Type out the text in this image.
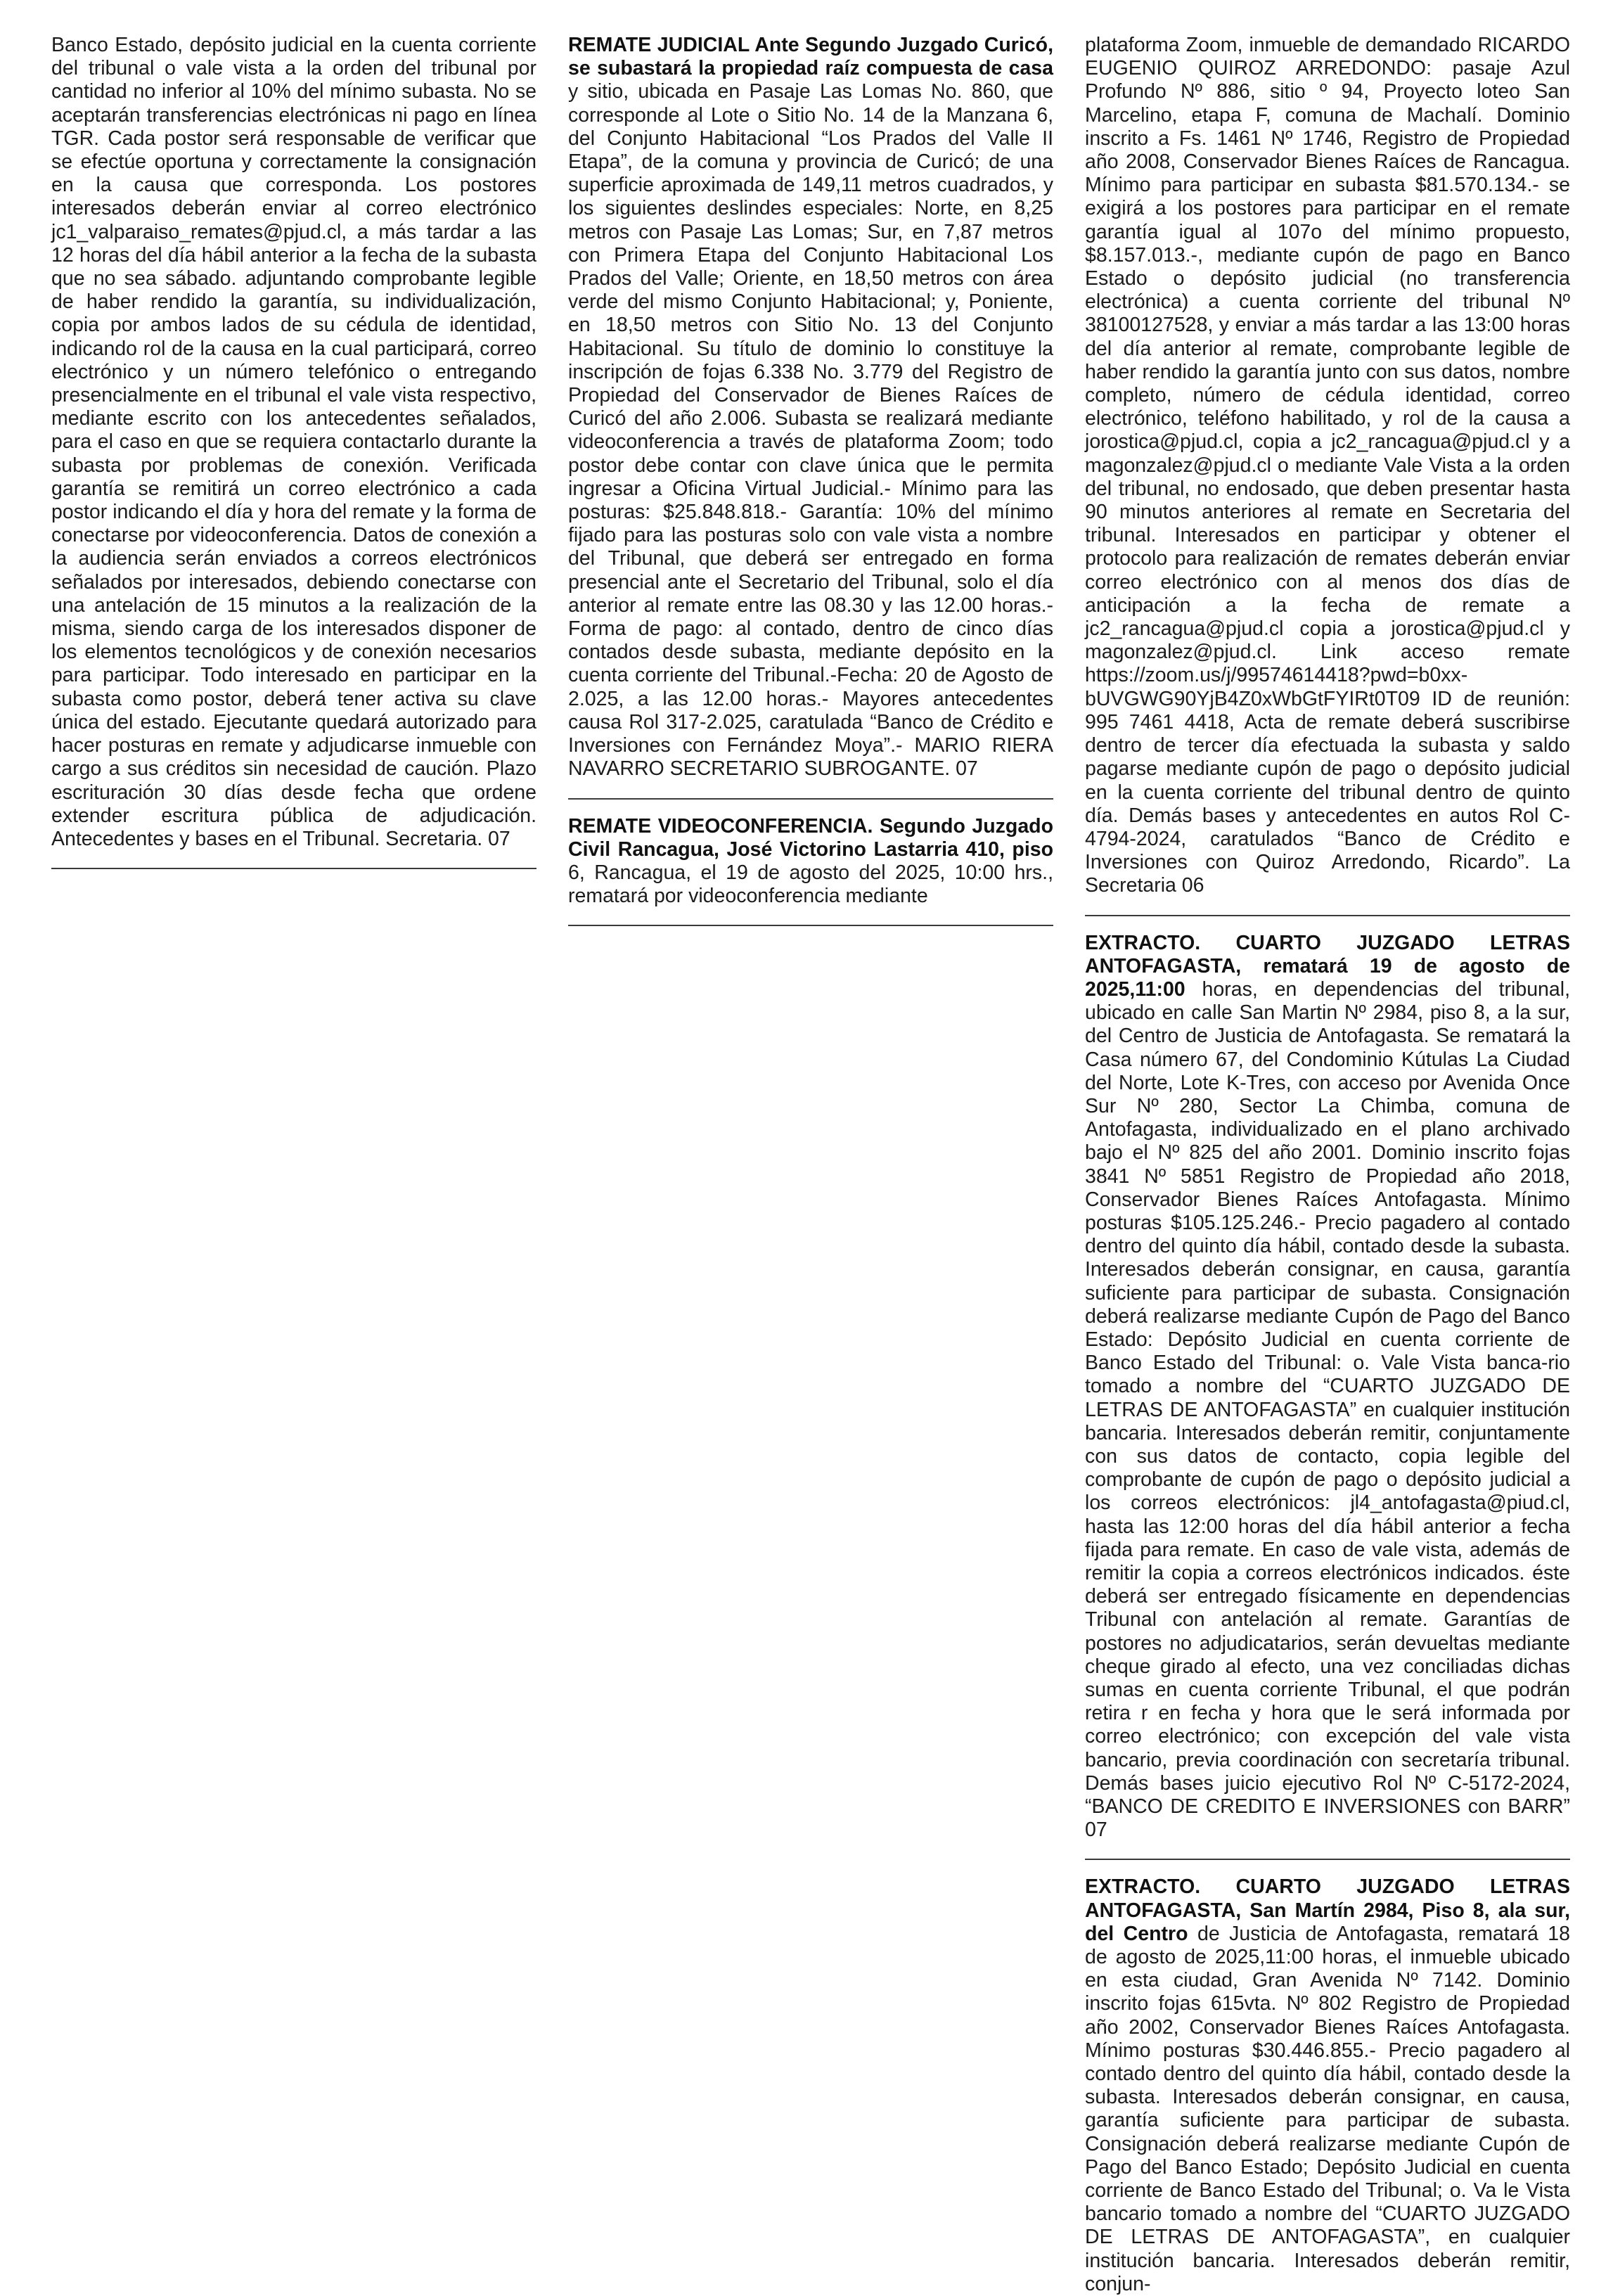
Banco Estado, depósito judicial en la cuenta corriente del tribunal o vale vista a la orden del tribunal por cantidad no inferior al 10% del mínimo subasta. No se aceptarán transferencias electrónicas ni pago en línea TGR. Cada postor será responsable de verificar que se efectúe oportuna y correctamente la consignación en la causa que corresponda. Los postores interesados deberán enviar al correo electrónico jc1_valparaiso_remates@pjud.cl, a más tardar a las 12 horas del día hábil anterior a la fecha de la subasta que no sea sábado. adjuntando comprobante legible de haber rendido la garantía, su individualización, copia por ambos lados de su cédula de identidad, indicando rol de la causa en la cual participará, correo electrónico y un número telefónico o entregando presencialmente en el tribunal el vale vista respectivo, mediante escrito con los antecedentes señalados, para el caso en que se requiera contactarlo durante la subasta por problemas de conexión. Verificada garantía se remitirá un correo electrónico a cada postor indicando el día y hora del remate y la forma de conectarse por videoconferencia. Datos de conexión a la audiencia serán enviados a correos electrónicos señalados por interesados, debiendo conectarse con una antelación de 15 minutos a la realización de la misma, siendo carga de los interesados disponer de los elementos tecnológicos y de conexión necesarios para participar. Todo interesado en participar en la subasta como postor, deberá tener activa su clave única del estado. Ejecutante quedará autorizado para hacer posturas en remate y adjudicarse inmueble con cargo a sus créditos sin necesidad de caución. Plazo escrituración 30 días desde fecha que ordene extender escritura pública de adjudicación. Antecedentes y bases en el Tribunal. Secretaria. 07

REMATE JUDICIAL Ante Segundo Juzgado Curicó, se subastará la propiedad raíz compuesta de casa y sitio, ubicada en Pasaje Las Lomas No. 860, que corresponde al Lote o Sitio No. 14 de la Manzana 6, del Conjunto Habitacional “Los Prados del Valle II Etapa”, de la comuna y provincia de Curicó; de una superficie aproximada de 149,11 metros cuadrados, y los siguientes deslindes especiales: Norte, en 8,25 metros con Pasaje Las Lomas; Sur, en 7,87 metros con Primera Etapa del Conjunto Habitacional Los Prados del Valle; Oriente, en 18,50 metros con área verde del mismo Conjunto Habitacional; y, Poniente, en 18,50 metros con Sitio No. 13 del Conjunto Habitacional. Su título de dominio lo constituye la inscripción de fojas 6.338 No. 3.779 del Registro de Propiedad del Conservador de Bienes Raíces de Curicó del año 2.006. Subasta se realizará mediante videoconferencia a través de plataforma Zoom; todo postor debe contar con clave única que le permita ingresar a Oficina Virtual Judicial.- Mínimo para las posturas: $25.848.818.- Garantía: 10% del mínimo fijado para las posturas solo con vale vista a nombre del Tribunal, que deberá ser entregado en forma presencial ante el Secretario del Tribunal, solo el día anterior al remate entre las 08.30 y las 12.00 horas.- Forma de pago: al contado, dentro de cinco días contados desde subasta, mediante depósito en la cuenta corriente del Tribunal.-Fecha: 20 de Agosto de 2.025, a las 12.00 horas.- Mayores antecedentes causa Rol 317-2.025, caratulada “Banco de Crédito e Inversiones con Fernández Moya”.- MARIO RIERA NAVARRO SECRETARIO SUBROGANTE. 07

REMATE VIDEOCONFERENCIA. Segundo Juzgado Civil Rancagua, José Victorino Lastarria 410, piso 6, Rancagua, el 19 de agosto del 2025, 10:00 hrs., rematará por videoconferencia mediante

plataforma Zoom, inmueble de demandado RICARDO EUGENIO QUIROZ ARREDONDO: pasaje Azul Profundo Nº 886, sitio º 94, Proyecto loteo San Marcelino, etapa F, comuna de Machalí. Dominio inscrito a Fs. 1461 Nº 1746, Registro de Propiedad año 2008, Conservador Bienes Raíces de Rancagua. Mínimo para participar en subasta $81.570.134.- se exigirá a los postores para participar en el remate garantía igual al 107o del mínimo propuesto, $8.157.013.-, mediante cupón de pago en Banco Estado o depósito judicial (no transferencia electrónica) a cuenta corriente del tribunal Nº 38100127528, y enviar a más tardar a las 13:00 horas del día anterior al remate, comprobante legible de haber rendido la garantía junto con sus datos, nombre completo, número de cédula identidad, correo electrónico, teléfono habilitado, y rol de la causa a jorostica@pjud.cl, copia a jc2_rancagua@pjud.cl y a magonzalez@pjud.cl o mediante Vale Vista a la orden del tribunal, no endosado, que deben presentar hasta 90 minutos anteriores al remate en Secretaria del tribunal. Interesados en participar y obtener el protocolo para realización de remates deberán enviar correo electrónico con al menos dos días de anticipación a la fecha de remate a jc2_rancagua@pjud.cl copia a jorostica@pjud.cl y magonzalez@pjud.cl. Link acceso remate https://zoom.us/j/99574614418?pwd=b0xx-bUVGWG90YjB4Z0xWbGtFYIRt0T09 ID de reunión: 995 7461 4418, Acta de remate deberá suscribirse dentro de tercer día efectuada la subasta y saldo pagarse mediante cupón de pago o depósito judicial en la cuenta corriente del tribunal dentro de quinto día. Demás bases y antecedentes en autos Rol C-4794-2024, caratulados “Banco de Crédito e Inversiones con Quiroz Arredondo, Ricardo”. La Secretaria 06

EXTRACTO. CUARTO JUZGADO LETRAS ANTOFAGASTA, rematará 19 de agosto de 2025,11:00 horas, en dependencias del tribunal, ubicado en calle San Martin Nº 2984, piso 8, a la sur, del Centro de Justicia de Antofagasta. Se rematará la Casa número 67, del Condominio Kútulas La Ciudad del Norte, Lote K-Tres, con acceso por Avenida Once Sur Nº 280, Sector La Chimba, comuna de Antofagasta, individualizado en el plano archivado bajo el Nº 825 del año 2001. Dominio inscrito fojas 3841 Nº 5851 Registro de Propiedad año 2018, Conservador Bienes Raíces Antofagasta. Mínimo posturas $105.125.246.- Precio pagadero al contado dentro del quinto día hábil, contado desde la subasta. Interesados deberán consignar, en causa, garantía suficiente para participar de subasta. Consignación deberá realizarse mediante Cupón de Pago del Banco Estado: Depósito Judicial en cuenta corriente de Banco Estado del Tribunal: o. Vale Vista banca-rio tomado a nombre del “CUARTO JUZGADO DE LETRAS DE ANTOFAGASTA” en cualquier institución bancaria. Interesados deberán remitir, conjuntamente con sus datos de contacto, copia legible del comprobante de cupón de pago o depósito judicial a los correos electrónicos: jl4_antofagasta@piud.cl, hasta las 12:00 horas del día hábil anterior a fecha fijada para remate. En caso de vale vista, además de remitir la copia a correos electrónicos indicados. éste deberá ser entregado físicamente en dependencias Tribunal con antelación al remate. Garantías de postores no adjudicatarios, serán devueltas mediante cheque girado al efecto, una vez conciliadas dichas sumas en cuenta corriente Tribunal, el que podrán retira r en fecha y hora que le será informada por correo electrónico; con excepción del vale vista bancario, previa coordinación con secretaría tribunal. Demás bases juicio ejecutivo Rol Nº C-5172-2024, “BANCO DE CREDITO E INVERSIONES con BARR” 07

EXTRACTO. CUARTO JUZGADO LETRAS ANTOFAGASTA, San Martín 2984, Piso 8, ala sur, del Centro de Justicia de Antofagasta, rematará 18 de agosto de 2025,11:00 horas, el inmueble ubicado en esta ciudad, Gran Avenida Nº 7142. Dominio inscrito fojas 615vta. Nº 802 Registro de Propiedad año 2002, Conservador Bienes Raíces Antofagasta. Mínimo posturas $30.446.855.- Precio pagadero al contado dentro del quinto día hábil, contado desde la subasta. Interesados deberán consignar, en causa, garantía suficiente para participar de subasta. Consignación deberá realizarse mediante Cupón de Pago del Banco Estado; Depósito Judicial en cuenta corriente de Banco Estado del Tribunal; o. Va le Vista bancario tomado a nombre del “CUARTO JUZGADO DE LETRAS DE ANTOFAGASTA”, en cualquier institución bancaria. Interesados deberán remitir, conjun-
